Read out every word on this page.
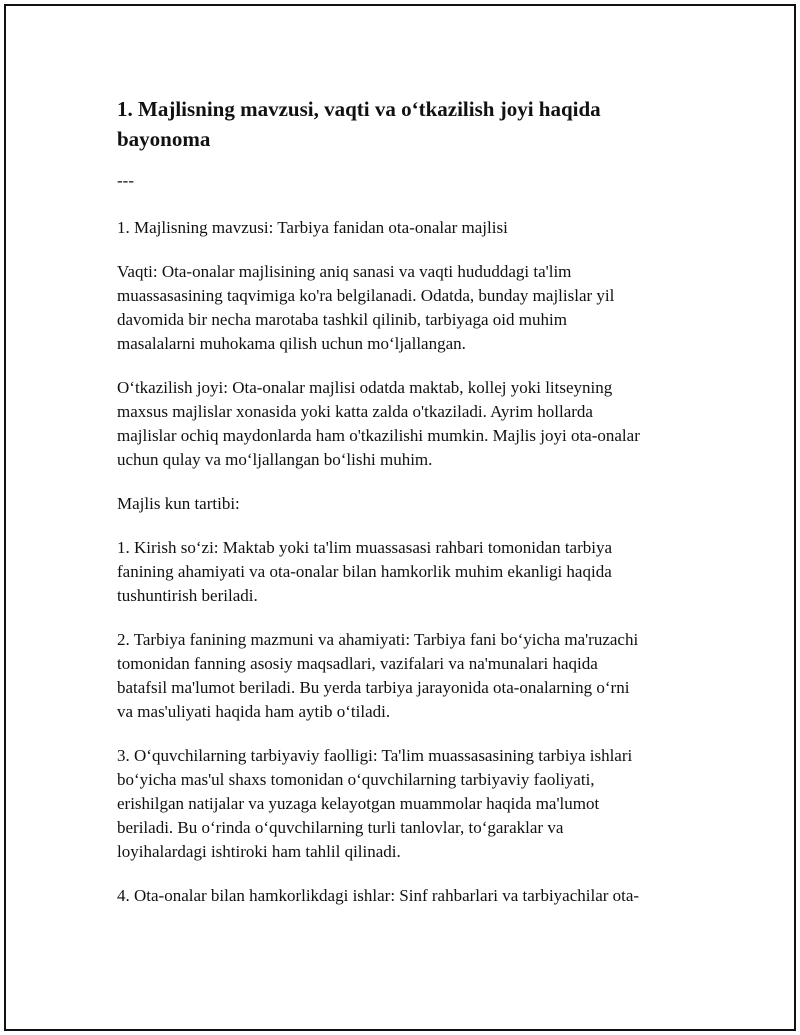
1. Majlisning mavzusi, vaqti va o‘tkazilish joyi haqida
bayonoma
---

1. Majlisning mavzusi: Tarbiya fanidan ota-onalar majlisi

Vaqti: Ota-onalar majlisining aniq sanasi va vaqti hududdagi ta'lim
muassasasining taqvimiga ko'ra belgilanadi. Odatda, bunday majlislar yil
davomida bir necha marotaba tashkil qilinib, tarbiyaga oid muhim
masalalarni muhokama qilish uchun mo‘ljallangan.

O‘tkazilish joyi: Ota-onalar majlisi odatda maktab, kollej yoki litseyning
maxsus majlislar xonasida yoki katta zalda o'tkaziladi. Ayrim hollarda
majlislar ochiq maydonlarda ham o'tkazilishi mumkin. Majlis joyi ota-onalar
uchun qulay va mo‘ljallangan bo‘lishi muhim.

Majlis kun tartibi:

1. Kirish so‘zi: Maktab yoki ta'lim muassasasi rahbari tomonidan tarbiya
fanining ahamiyati va ota-onalar bilan hamkorlik muhim ekanligi haqida
tushuntirish beriladi.

2. Tarbiya fanining mazmuni va ahamiyati: Tarbiya fani bo‘yicha ma'ruzachi
tomonidan fanning asosiy maqsadlari, vazifalari va na'munalari haqida
batafsil ma'lumot beriladi. Bu yerda tarbiya jarayonida ota-onalarning o‘rni
va mas'uliyati haqida ham aytib o‘tiladi.

3. O‘quvchilarning tarbiyaviy faolligi: Ta'lim muassasasining tarbiya ishlari
bo‘yicha mas'ul shaxs tomonidan o‘quvchilarning tarbiyaviy faoliyati,
erishilgan natijalar va yuzaga kelayotgan muammolar haqida ma'lumot
beriladi. Bu o‘rinda o‘quvchilarning turli tanlovlar, to‘garaklar va
loyihalardagi ishtiroki ham tahlil qilinadi.

4. Ota-onalar bilan hamkorlikdagi ishlar: Sinf rahbarlari va tarbiyachilar ota-
